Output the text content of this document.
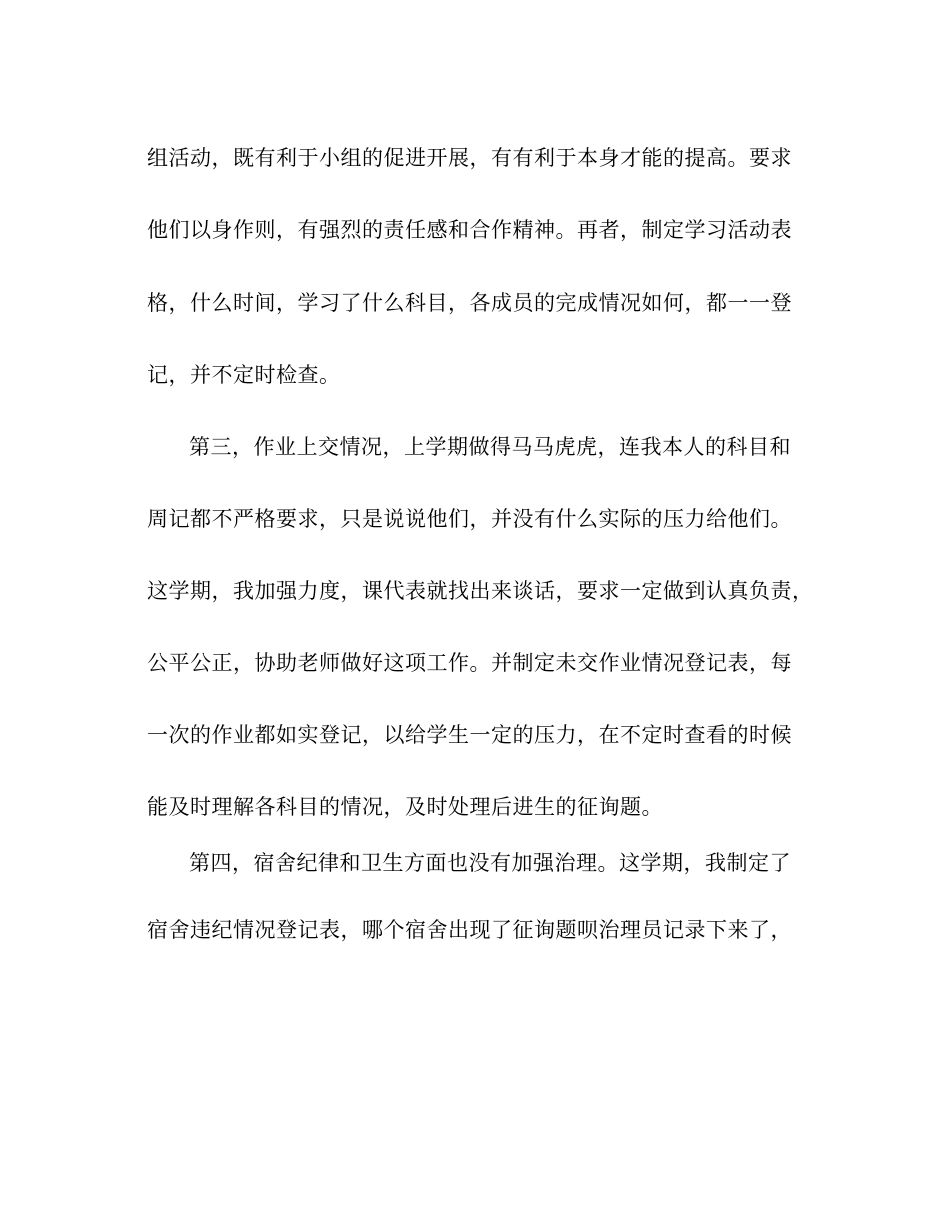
组活动，既有利于小组的促进开展，有有利于本身才能的提高。要求
他们以身作则，有强烈的责任感和合作精神。再者，制定学习活动表
格，什么时间，学习了什么科目，各成员的完成情况如何，都一一登
记，并不定时检查。
第三，作业上交情况，上学期做得马马虎虎，连我本人的科目和
周记都不严格要求，只是说说他们，并没有什么实际的压力给他们。
这学期，我加强力度，课代表就找出来谈话，要求一定做到认真负责，
公平公正，协助老师做好这项工作。并制定未交作业情况登记表，每
一次的作业都如实登记，以给学生一定的压力，在不定时查看的时候
能及时理解各科目的情况，及时处理后进生的征询题。
第四，宿舍纪律和卫生方面也没有加强治理。这学期，我制定了
宿舍违纪情况登记表，哪个宿舍出现了征询题呗治理员记录下来了，
